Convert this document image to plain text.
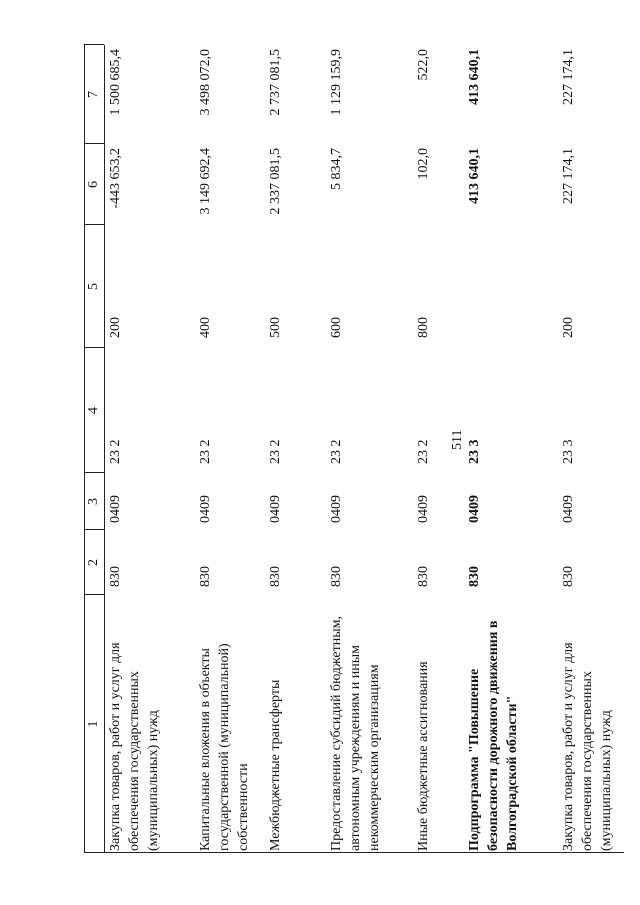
511
1
2
3
4
5
6
7
Закупка товаров, работ и услуг для обеспечения государственных (муниципальных) нужд
830
0409
23 2
200
-443 653,2
1 500 685,4
Капитальные вложения в объекты государственной (муниципальной) собственности
830
0409
23 2
400
3 149 692,4
3 498 072,0
Межбюджетные трансферты
830
0409
23 2
500
2 337 081,5
2 737 081,5
Предоставление субсидий бюджетным, автономным учреждениям и иным некоммерческим организациям
830
0409
23 2
600
5 834,7
1 129 159,9
Иные бюджетные ассигнования
830
0409
23 2
800
102,0
522,0
Подпрограмма "Повышение безопасности дорожного движения в Волгоградской области"
830
0409
23 3
413 640,1
413 640,1
Закупка товаров, работ и услуг для обеспечения государственных (муниципальных) нужд
830
0409
23 3
200
227 174,1
227 174,1
